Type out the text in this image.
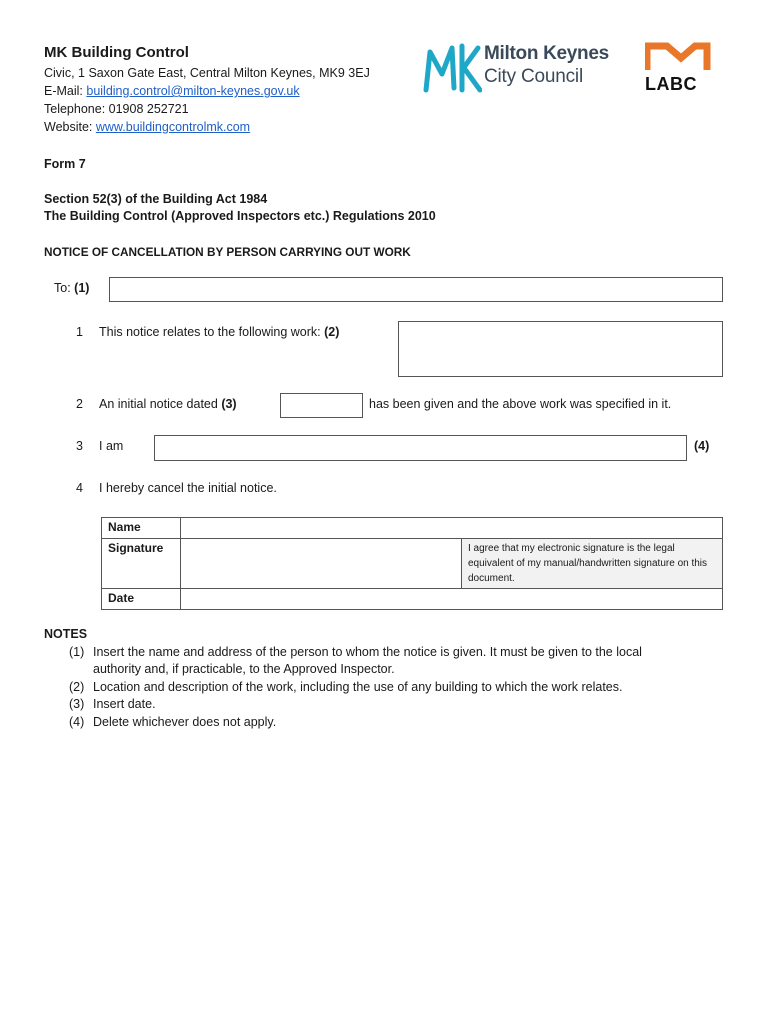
MK Building Control
Civic, 1 Saxon Gate East, Central Milton Keynes, MK9 3EJ
E-Mail: building.control@milton-keynes.gov.uk
Telephone: 01908 252721
Website: www.buildingcontrolmk.com
Milton Keynes
City Council	LABC
Form 7
Section 52(3) of the Building Act 1984
The Building Control (Approved Inspectors etc.) Regulations 2010
NOTICE OF CANCELLATION BY PERSON CARRYING OUT WORK
To: (1)
1 This notice relates to the following work: (2)
2 An initial notice dated (3)	has been given and the above work was specified in it.
3 I am	(4)
4 I hereby cancel the initial notice.
Name		
Signature		I agree that my electronic signature is the legal equivalent of my manual/handwritten signature on this document.
Date		
NOTES
(1) Insert the name and address of the person to whom the notice is given. It must be given to the local
authority and, if practicable, to the Approved Inspector.
(2) Location and description of the work, including the use of any building to which the work relates.
(3) Insert date.
(4) Delete whichever does not apply.
